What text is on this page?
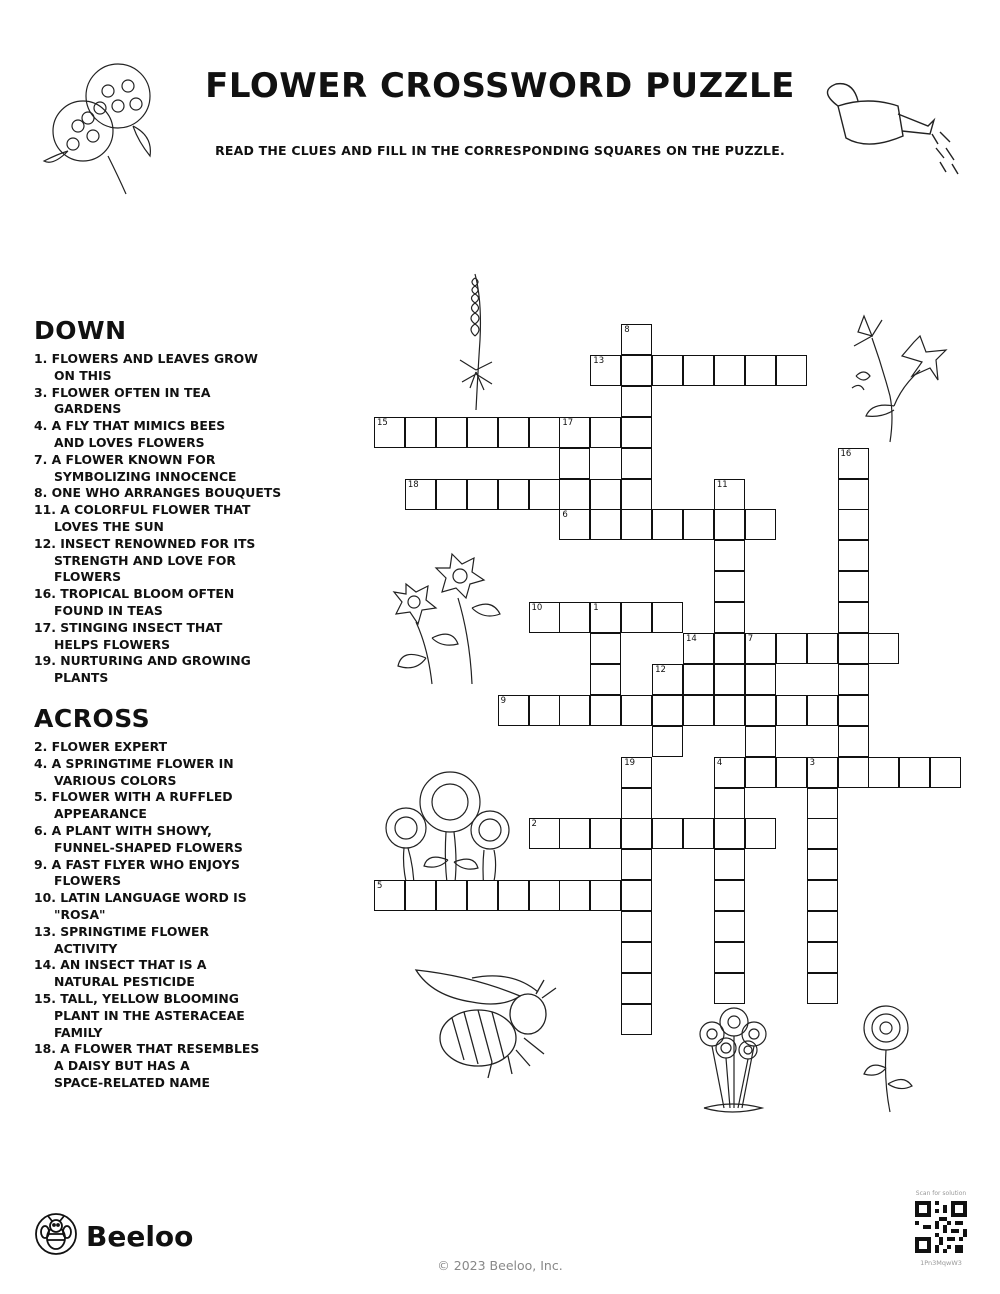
FLOWER CROSSWORD PUZZLE
READ THE CLUES AND FILL IN THE CORRESPONDING SQUARES ON THE PUZZLE.
DOWN
1. FLOWERS AND LEAVES GROW
ON THIS
3. FLOWER OFTEN IN TEA
GARDENS
4. A FLY THAT MIMICS BEES
AND LOVES FLOWERS
7. A FLOWER KNOWN FOR
SYMBOLIZING INNOCENCE
8. ONE WHO ARRANGES BOUQUETS
11. A COLORFUL FLOWER THAT
LOVES THE SUN
12. INSECT RENOWNED FOR ITS
STRENGTH AND LOVE FOR
FLOWERS
16. TROPICAL BLOOM OFTEN
FOUND IN TEAS
17. STINGING INSECT THAT
HELPS FLOWERS
19. NURTURING AND GROWING
PLANTS
ACROSS
2. FLOWER EXPERT
4. A SPRINGTIME FLOWER IN
VARIOUS COLORS
5. FLOWER WITH A RUFFLED
APPEARANCE
6. A PLANT WITH SHOWY,
FUNNEL-SHAPED FLOWERS
9. A FAST FLYER WHO ENJOYS
FLOWERS
10. LATIN LANGUAGE WORD IS
"ROSA"
13. SPRINGTIME FLOWER
ACTIVITY
14. AN INSECT THAT IS A
NATURAL PESTICIDE
15. TALL, YELLOW BLOOMING
PLANT IN THE ASTERACEAE
FAMILY
18. A FLOWER THAT RESEMBLES
A DAISY BUT HAS A
SPACE-RELATED NAME
15	17
18
6
10	1
14	7
12
9
13
19	4	3
2
5
8
16
11
Beeloo
© 2023 Beeloo, Inc.
Scan for solution
1Pn3MqwW3
